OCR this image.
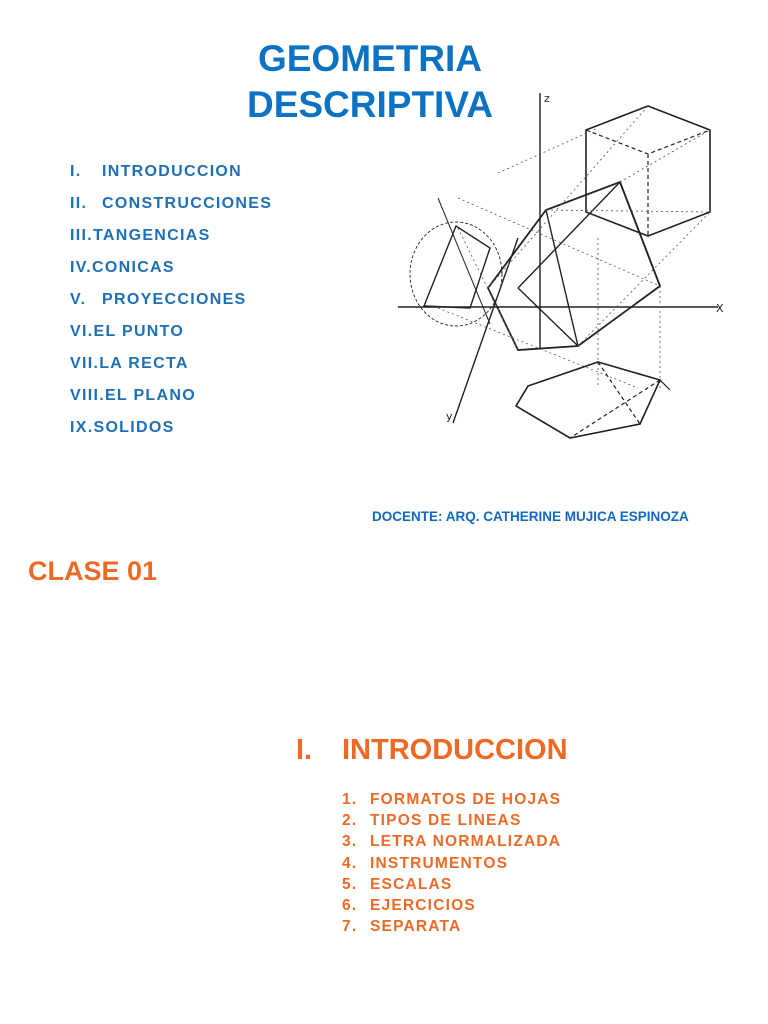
GEOMETRIA
DESCRIPTIVA
I.	INTRODUCCION
II. CONSTRUCCIONES
III. TANGENCIAS
IV. CONICAS
V. PROYECCIONES
VI. EL PUNTO
VII. LA RECTA
VIII. EL PLANO
IX. SOLIDOS
z
X
y
DOCENTE: ARQ. CATHERINE MUJICA ESPINOZA
CLASE 01
I.	INTRODUCCION
1. FORMATOS DE HOJAS
2. TIPOS DE LINEAS
3. LETRA NORMALIZADA
4. INSTRUMENTOS
5. ESCALAS
6. EJERCICIOS
7. SEPARATA
